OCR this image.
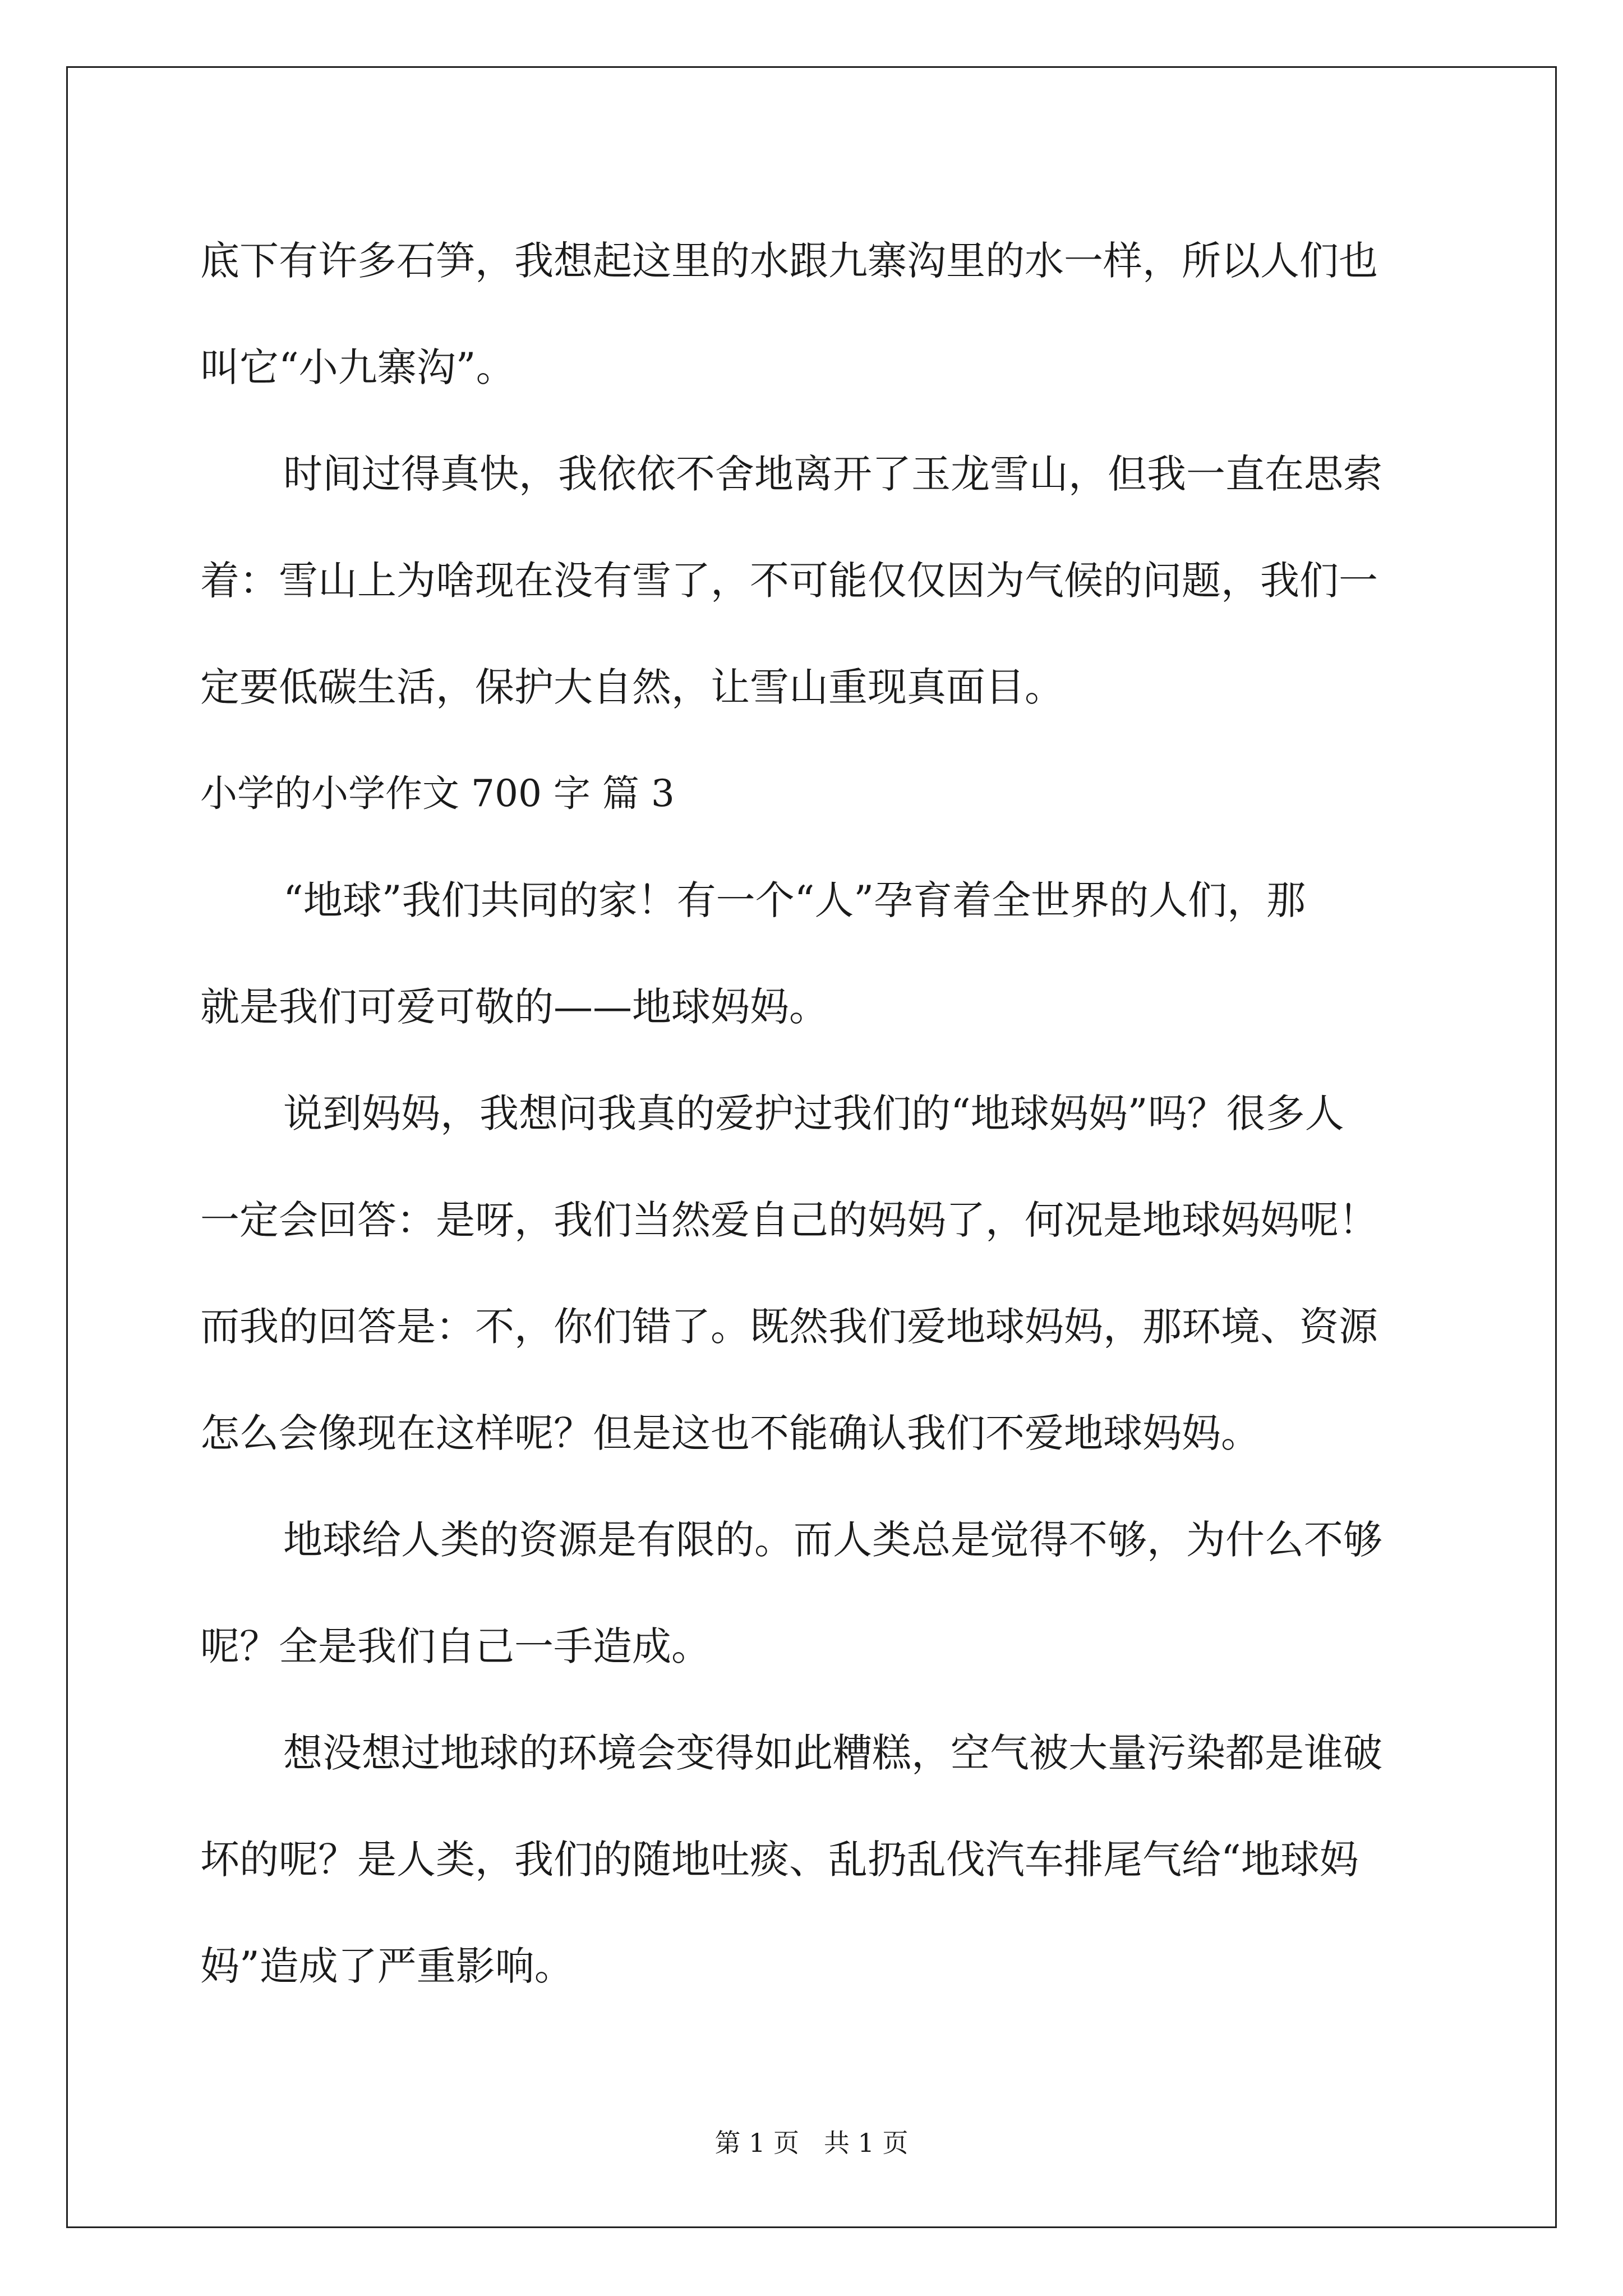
底下有许多石笋，我想起这里的水跟九寨沟里的水一样，所以人们也
叫它“小九寨沟”。
时间过得真快，我依依不舍地离开了玉龙雪山，但我一直在思索
着：雪山上为啥现在没有雪了，不可能仅仅因为气候的问题，我们一
定要低碳生活，保护大自然，让雪山重现真面目。
小学的小学作文 700 字 篇 3
“地球”我们共同的家！有一个“人”孕育着全世界的人们，那
就是我们可爱可敬的——地球妈妈。
说到妈妈，我想问我真的爱护过我们的“地球妈妈”吗？很多人
一定会回答：是呀，我们当然爱自己的妈妈了，何况是地球妈妈呢！
而我的回答是：不，你们错了。既然我们爱地球妈妈，那环境、资源
怎么会像现在这样呢？但是这也不能确认我们不爱地球妈妈。
地球给人类的资源是有限的。而人类总是觉得不够，为什么不够
呢？全是我们自己一手造成。
想没想过地球的环境会变得如此糟糕，空气被大量污染都是谁破
坏的呢？是人类，我们的随地吐痰、乱扔乱伐汽车排尾气给“地球妈
妈”造成了严重影响。
第 1 页 共 1 页
